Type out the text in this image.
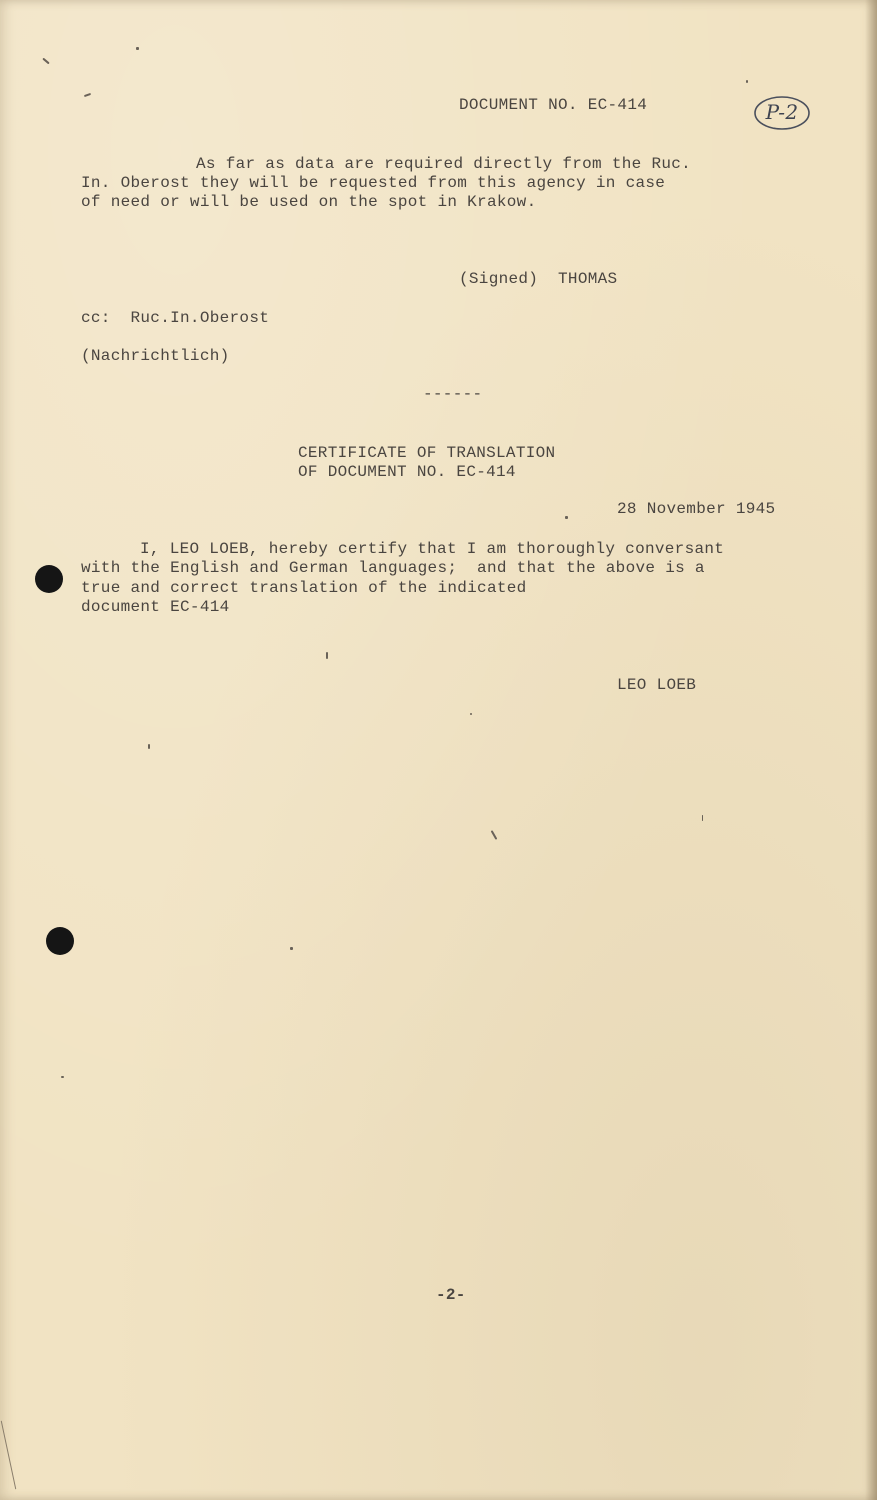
DOCUMENT NO. EC-414	P-2
As far as data are required directly from the Ruc.
In. Oberost they will be requested from this agency in case
of need or will be used on the spot in Krakow.
(Signed)  THOMAS
cc:  Ruc.In.Oberost
(Nachrichtlich)
------
CERTIFICATE OF TRANSLATION
OF DOCUMENT NO. EC-414
28 November 1945
I, LEO LOEB, hereby certify that I am thoroughly conversant
with the English and German languages;  and that the above is a
true and correct translation of the indicated
document EC-414
LEO LOEB
-2-
